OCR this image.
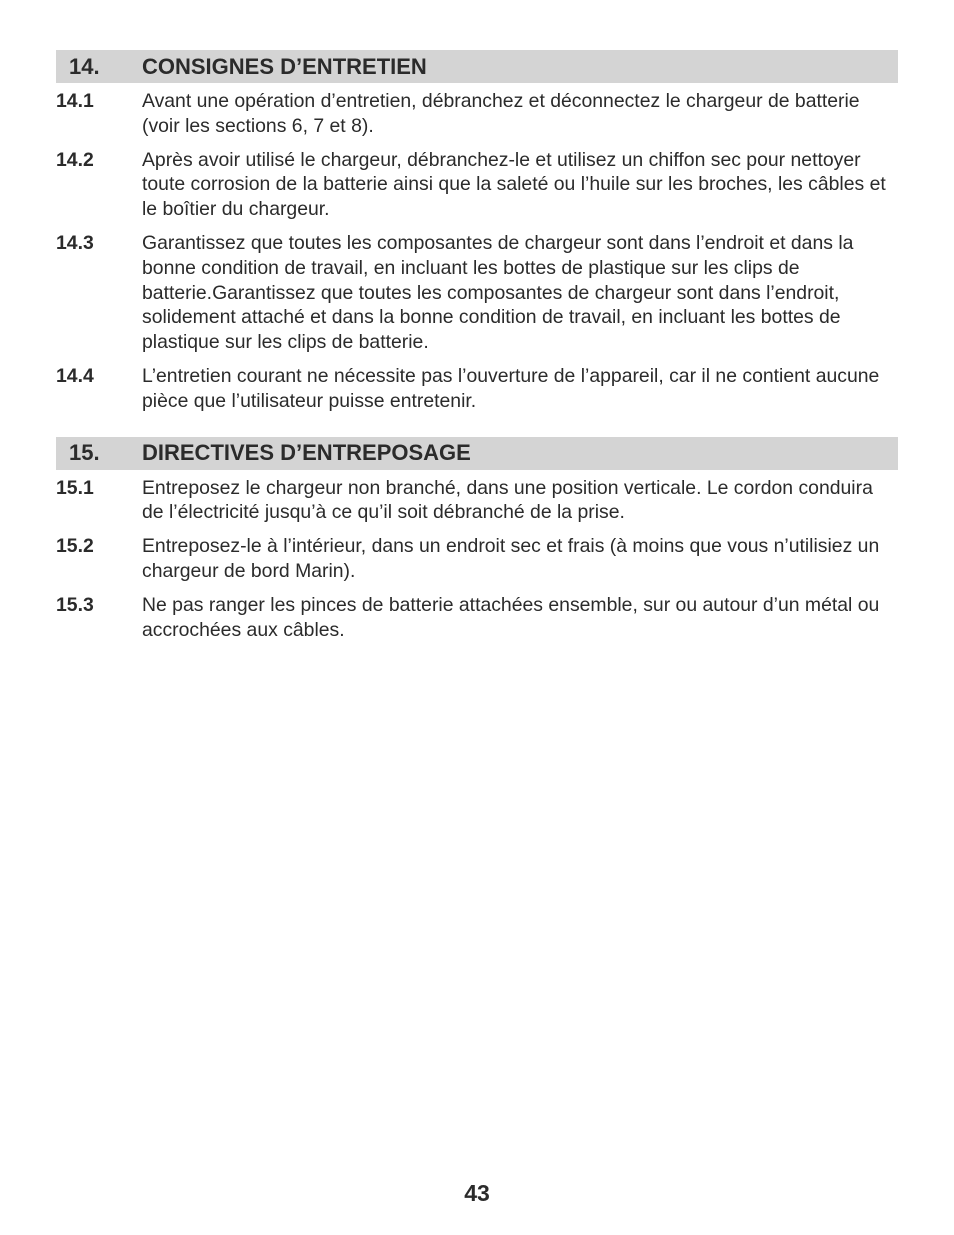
14.	CONSIGNES D’ENTRETIEN
14.1	Avant une opération d’entretien, débranchez et déconnectez le chargeur de batterie (voir les sections 6, 7 et 8).
14.2	Après avoir utilisé le chargeur, débranchez-le et utilisez un chiffon sec pour nettoyer toute corrosion de la batterie ainsi que la saleté ou l’huile sur les broches, les câbles et le boîtier du chargeur.
14.3	Garantissez que toutes les composantes de chargeur sont dans l’endroit et dans la bonne condition de travail, en incluant les bottes de plastique sur les clips de batterie.Garantissez que toutes les composantes de chargeur sont dans l’endroit, solidement attaché et dans la bonne condition de travail, en incluant les bottes de plastique sur les clips de batterie.
14.4	L’entretien courant ne nécessite pas l’ouverture de l’appareil, car il ne contient aucune pièce que l’utilisateur puisse entretenir.
15.	DIRECTIVES D’ENTREPOSAGE
15.1	Entreposez le chargeur non branché, dans une position verticale. Le cordon conduira de l’électricité jusqu’à ce qu’il soit débranché de la prise.
15.2	Entreposez-le à l’intérieur, dans un endroit sec et frais (à moins que vous n’utilisiez un chargeur de bord Marin).
15.3	Ne pas ranger les pinces de batterie attachées ensemble, sur ou autour d’un métal ou accrochées aux câbles.
43
